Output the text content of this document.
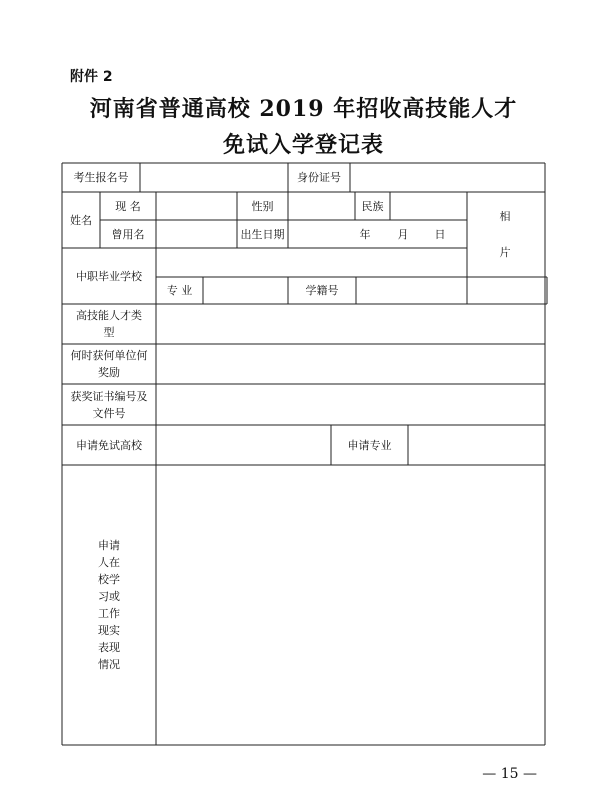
附件 2
河南省普通高校 2019 年招收高技能人才
免试入学登记表
考生报名号	身份证号
姓名
现 名	性别	民族
曾用名	出生日期	年	月	日
相
片
中职毕业学校
专 业	学籍号
高技能人才类型
何时获何单位何奖励
获奖证书编号及文件号
申请免试高校	申请专业
申请人在校学习或工作现实表现情况
— 15 —
